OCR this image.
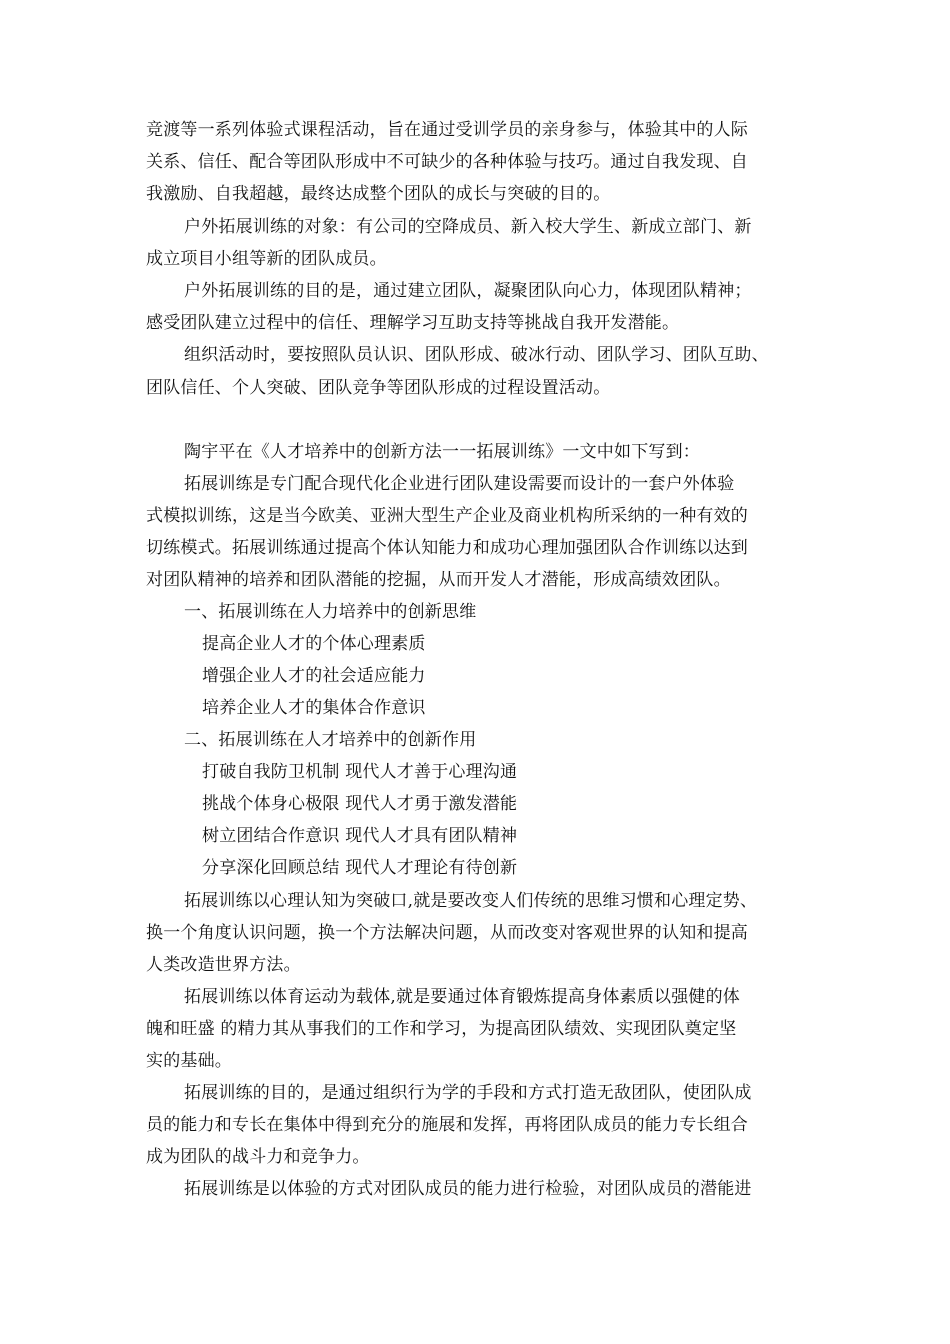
竞渡等一系列体验式课程活动，旨在通过受训学员的亲身参与，体验其中的人际
关系、信任、配合等团队形成中不可缺少的各种体验与技巧。通过自我发现、自
我激励、自我超越，最终达成整个团队的成长与突破的目的。
户外拓展训练的对象：有公司的空降成员、新入校大学生、新成立部门、新
成立项目小组等新的团队成员。
户外拓展训练的目的是，通过建立团队，凝聚团队向心力，体现团队精神；
感受团队建立过程中的信任、理解学习互助支持等挑战自我开发潜能。
组织活动时，要按照队员认识、团队形成、破冰行动、团队学习、团队互助、
团队信任、个人突破、团队竞争等团队形成的过程设置活动。
陶宇平在《人才培养中的创新方法一一拓展训练》一文中如下写到：
拓展训练是专门配合现代化企业进行团队建设需要而设计的一套户外体验
式模拟训练，这是当今欧美、亚洲大型生产企业及商业机构所采纳的一种有效的
切练模式。拓展训练通过提高个体认知能力和成功心理加强团队合作训练以达到
对团队精神的培养和团队潜能的挖掘，从而开发人才潜能，形成高绩效团队。
一、拓展训练在人力培养中的创新思维
提高企业人才的个体心理素质
增强企业人才的社会适应能力
培养企业人才的集体合作意识
二、拓展训练在人才培养中的创新作用
打破自我防卫机制 现代人才善于心理沟通
挑战个体身心极限 现代人才勇于激发潜能
树立团结合作意识 现代人才具有团队精神
分享深化回顾总结 现代人才理论有待创新
拓展训练以心理认知为突破口,就是要改变人们传统的思维习惯和心理定势、
换一个角度认识问题，换一个方法解决问题，从而改变对客观世界的认知和提高
人类改造世界方法。
拓展训练以体育运动为载体,就是要通过体育锻炼提高身体素质以强健的体
魄和旺盛 的精力其从事我们的工作和学习，为提高团队绩效、实现团队奠定坚
实的基础。
拓展训练的目的，是通过组织行为学的手段和方式打造无敌团队，使团队成
员的能力和专长在集体中得到充分的施展和发挥，再将团队成员的能力专长组合
成为团队的战斗力和竞争力。
拓展训练是以体验的方式对团队成员的能力进行检验，对团队成员的潜能进
